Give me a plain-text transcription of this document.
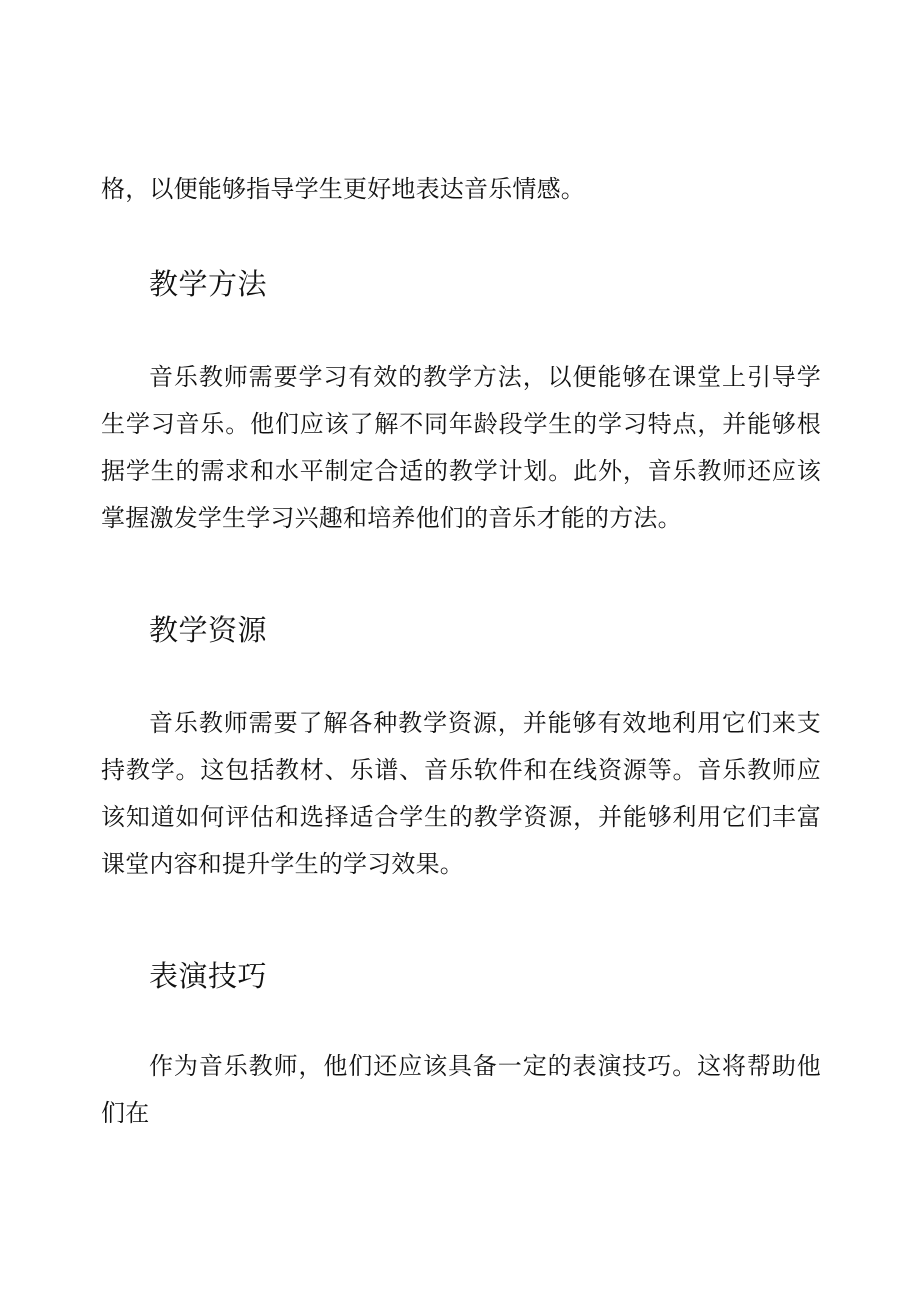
格，以便能够指导学生更好地表达音乐情感。

教学方法

音乐教师需要学习有效的教学方法，以便能够在课堂上引导学生学习音乐。他们应该了解不同年龄段学生的学习特点，并能够根据学生的需求和水平制定合适的教学计划。此外，音乐教师还应该掌握激发学生学习兴趣和培养他们的音乐才能的方法。

教学资源

音乐教师需要了解各种教学资源，并能够有效地利用它们来支持教学。这包括教材、乐谱、音乐软件和在线资源等。音乐教师应该知道如何评估和选择适合学生的教学资源，并能够利用它们丰富课堂内容和提升学生的学习效果。

表演技巧

作为音乐教师，他们还应该具备一定的表演技巧。这将帮助他们在
